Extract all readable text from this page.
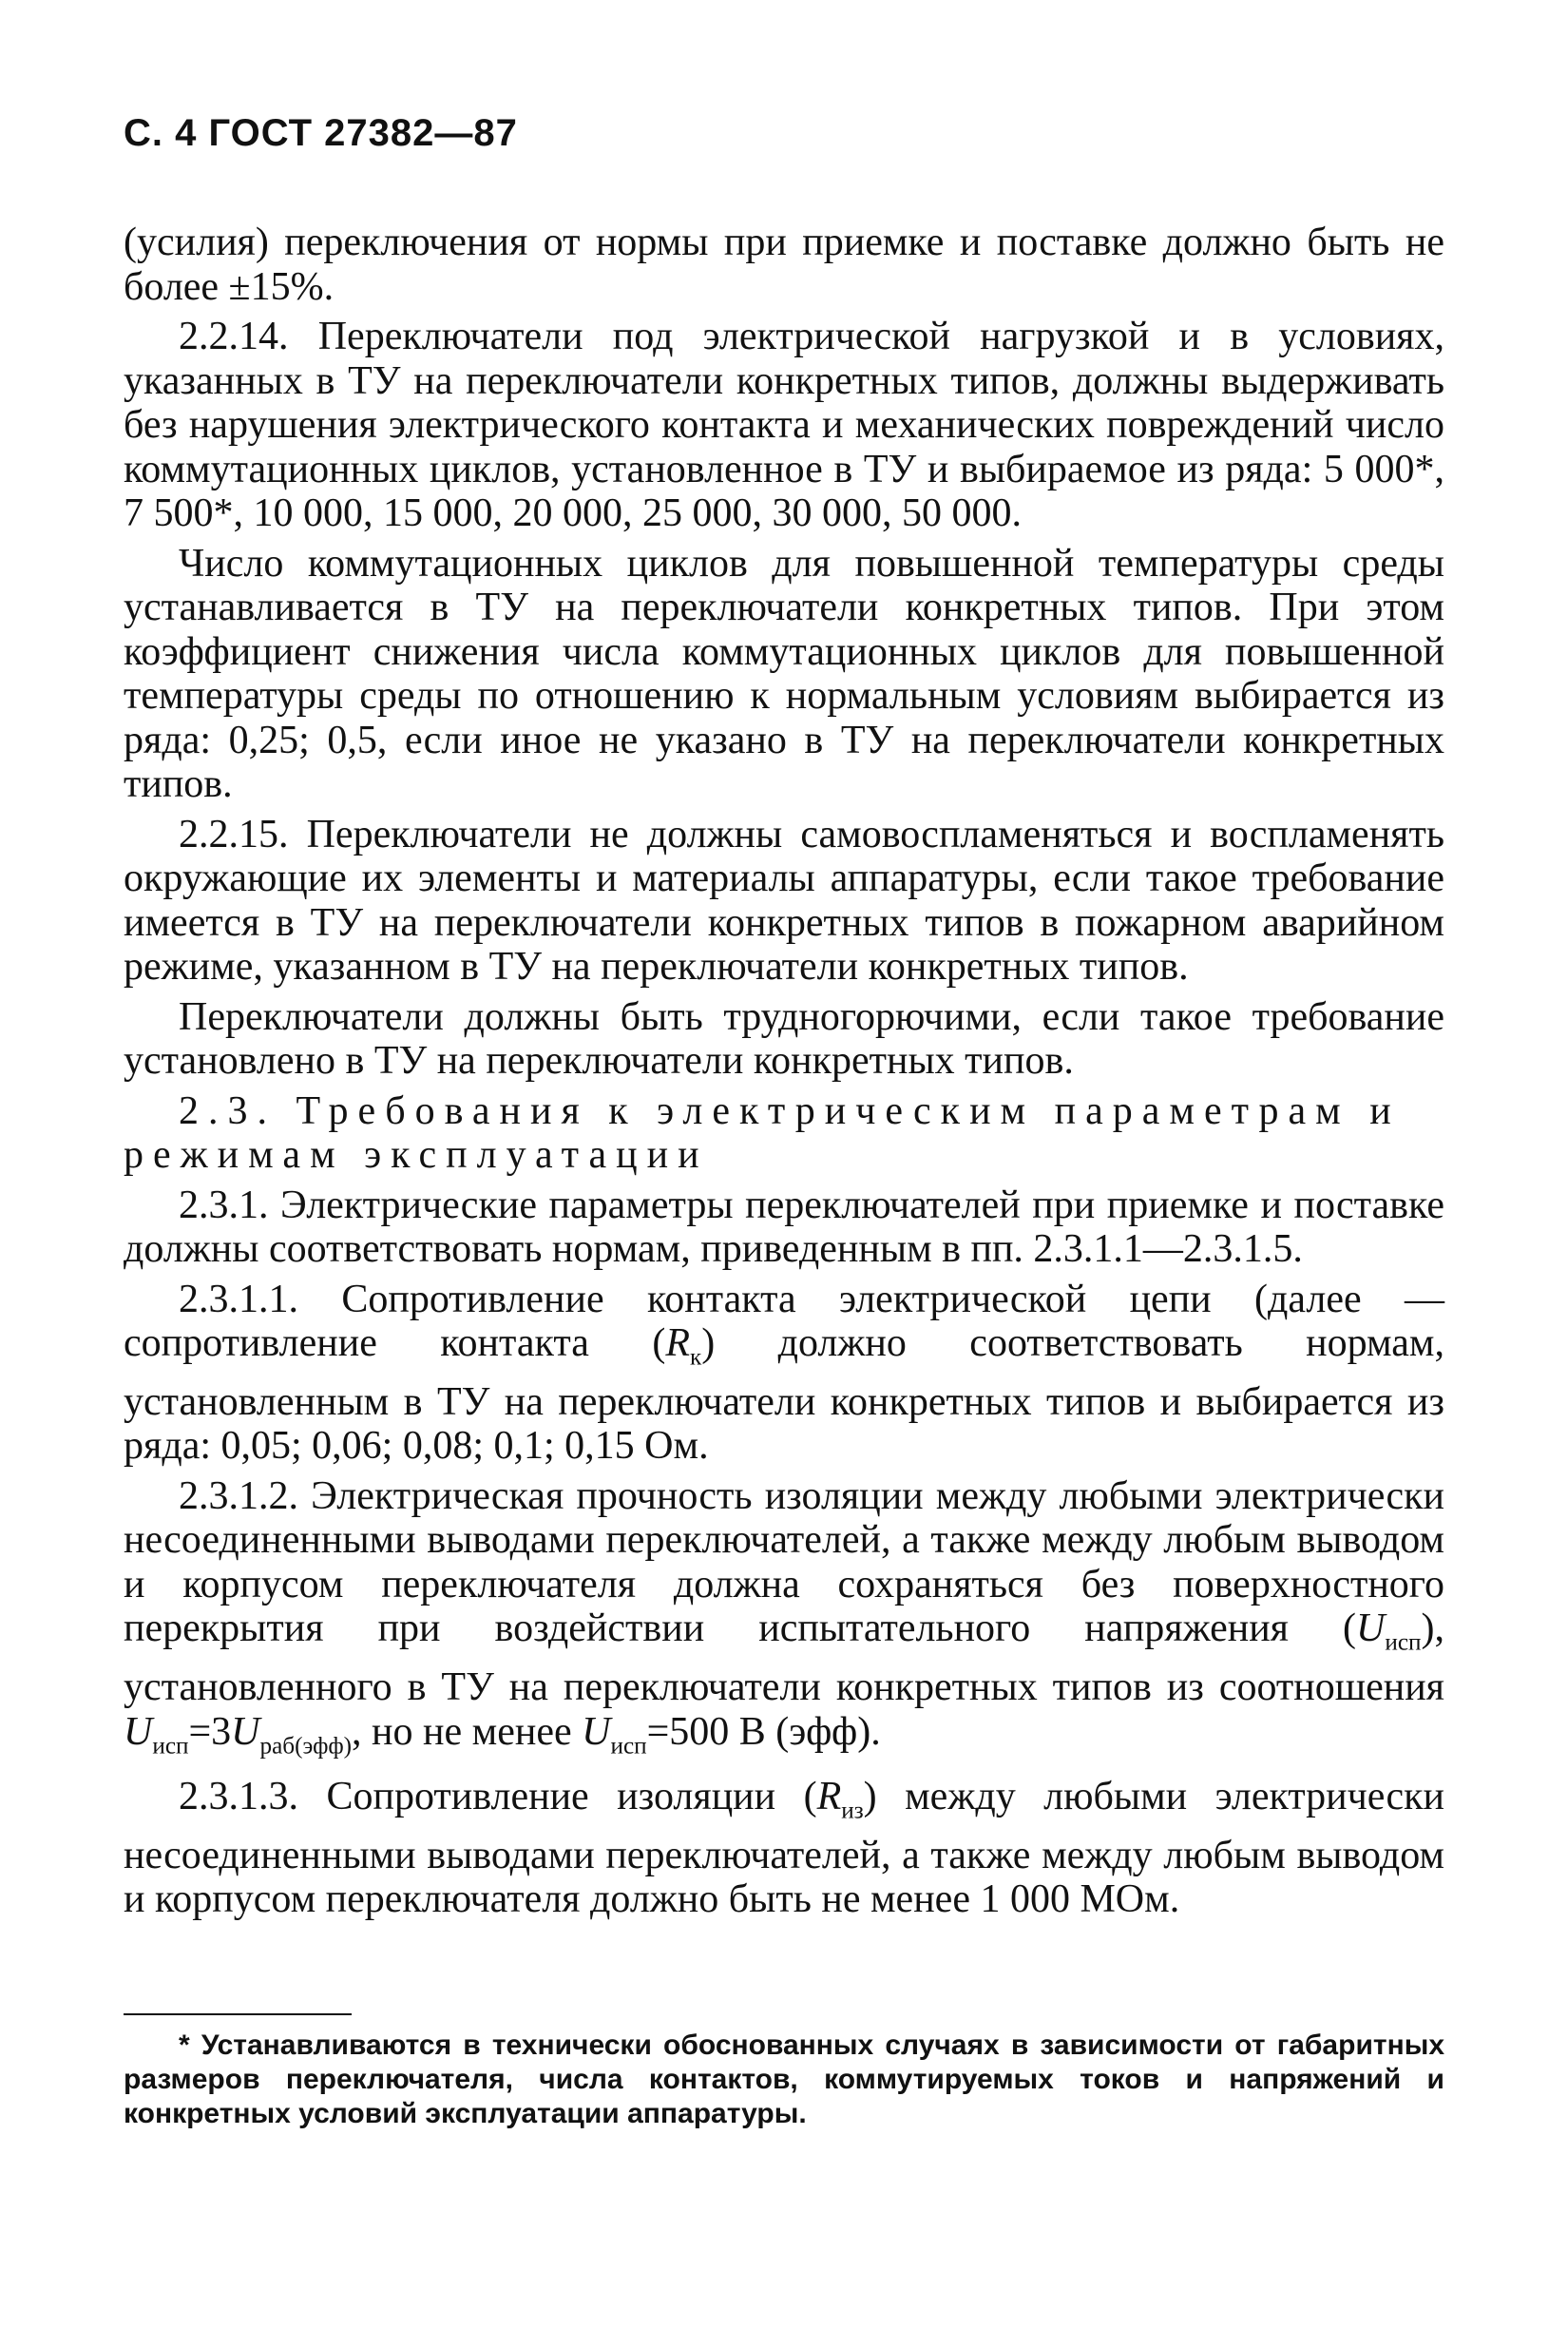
С. 4 ГОСТ 27382—87

(усилия) переключения от нормы при приемке и поставке должно быть не более ±15%.

2.2.14. Переключатели под электрической нагрузкой и в условиях, указанных в ТУ на переключатели конкретных типов, должны выдерживать без нарушения электрического контакта и механических повреждений число коммутационных циклов, установленное в ТУ и выбираемое из ряда: 5 000*, 7 500*, 10 000, 15 000, 20 000, 25 000, 30 000, 50 000.

Число коммутационных циклов для повышенной температуры среды устанавливается в ТУ на переключатели конкретных типов. При этом коэффициент снижения числа коммутационных циклов для повышенной температуры среды по отношению к нормальным условиям выбирается из ряда: 0,25; 0,5, если иное не указано в ТУ на переключатели конкретных типов.

2.2.15. Переключатели не должны самовоспламеняться и воспламенять окружающие их элементы и материалы аппаратуры, если такое требование имеется в ТУ на переключатели конкретных типов в пожарном аварийном режиме, указанном в ТУ на переключатели конкретных типов.

Переключатели должны быть трудногорючими, если такое требование установлено в ТУ на переключатели конкретных типов.

2.3. Требования к электрическим параметрам и режимам эксплуатации

2.3.1. Электрические параметры переключателей при приемке и поставке должны соответствовать нормам, приведенным в пп. 2.3.1.1—2.3.1.5.

2.3.1.1. Сопротивление контакта электрической цепи (далее — сопротивление контакта $(R_к)$ должно соответствовать нормам, установленным в ТУ на переключатели конкретных типов и выбирается из ряда: 0,05; 0,06; 0,08; 0,1; 0,15 Ом.

2.3.1.2. Электрическая прочность изоляции между любыми электрически несоединенными выводами переключателей, а также между любым выводом и корпусом переключателя должна сохраняться без поверхностного перекрытия при воздействии испытательного напряжения $(U_{исп})$, установленного в ТУ на переключатели конкретных типов из соотношения $U_{исп}=3U_{раб(эфф)}$, но не менее $U_{исп}=500$ В (эфф).

2.3.1.3. Сопротивление изоляции $(R_{из})$ между любыми электрически несоединенными выводами переключателей, а также между любым выводом и корпусом переключателя должно быть не менее 1 000 МОм.

* Устанавливаются в технически обоснованных случаях в зависимости от габаритных размеров переключателя, числа контактов, коммутируемых токов и напряжений и конкретных условий эксплуатации аппаратуры.
